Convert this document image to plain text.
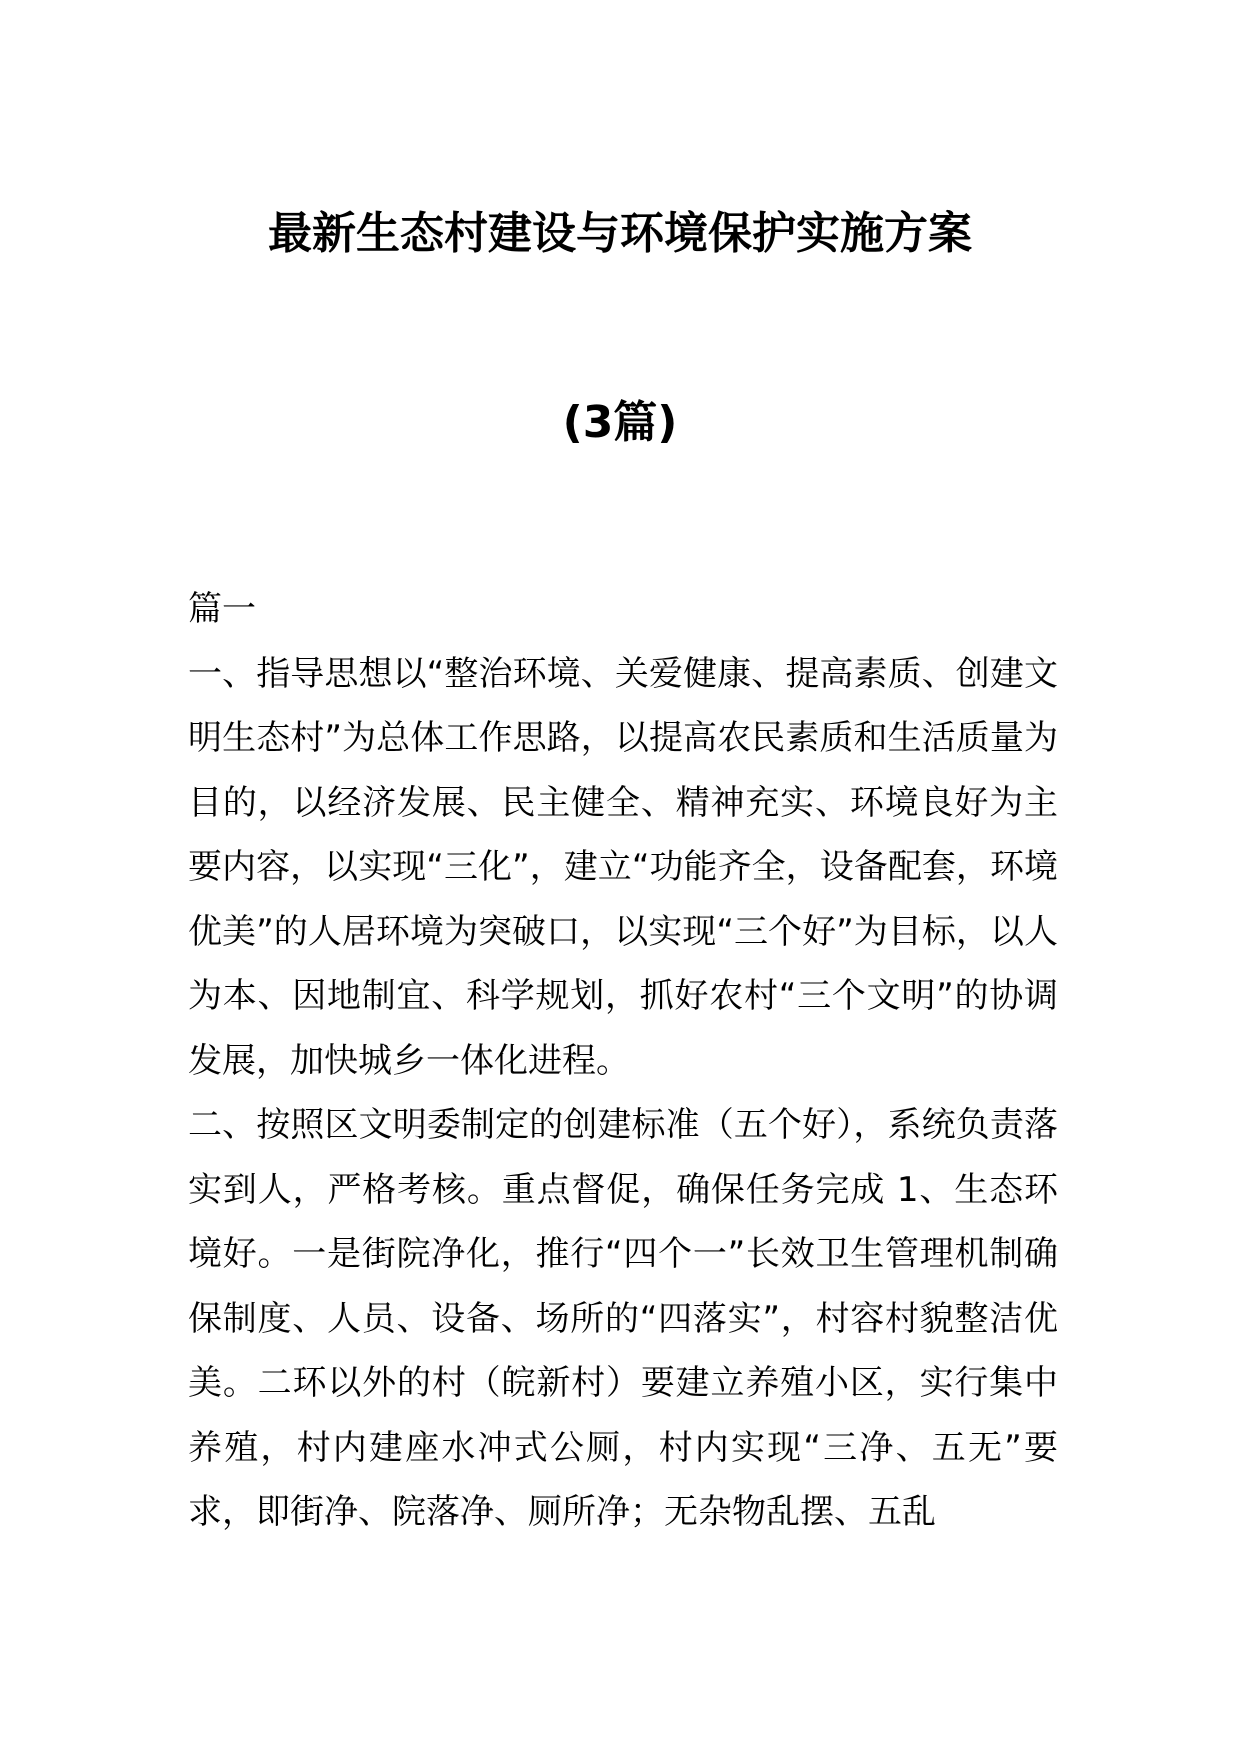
最新生态村建设与环境保护实施方案
(3篇)

篇一

一、指导思想以“整治环境、关爱健康、提高素质、创建文明生态村”为总体工作思路，以提高农民素质和生活质量为目的，以经济发展、民主健全、精神充实、环境良好为主要内容，以实现“三化”，建立“功能齐全，设备配套，环境优美”的人居环境为突破口，以实现“三个好”为目标，以人为本、因地制宜、科学规划，抓好农村“三个文明”的协调发展，加快城乡一体化进程。

二、按照区文明委制定的创建标准（五个好），系统负责落实到人，严格考核。重点督促，确保任务完成 1、生态环境好。一是街院净化，推行“四个一”长效卫生管理机制确保制度、人员、设备、场所的“四落实”，村容村貌整洁优美。二环以外的村（皖新村）要建立养殖小区，实行集中养殖，村内建座水冲式公厕，村内实现“三净、五无”要求，即街净、院落净、厕所净；无杂物乱摆、五乱
